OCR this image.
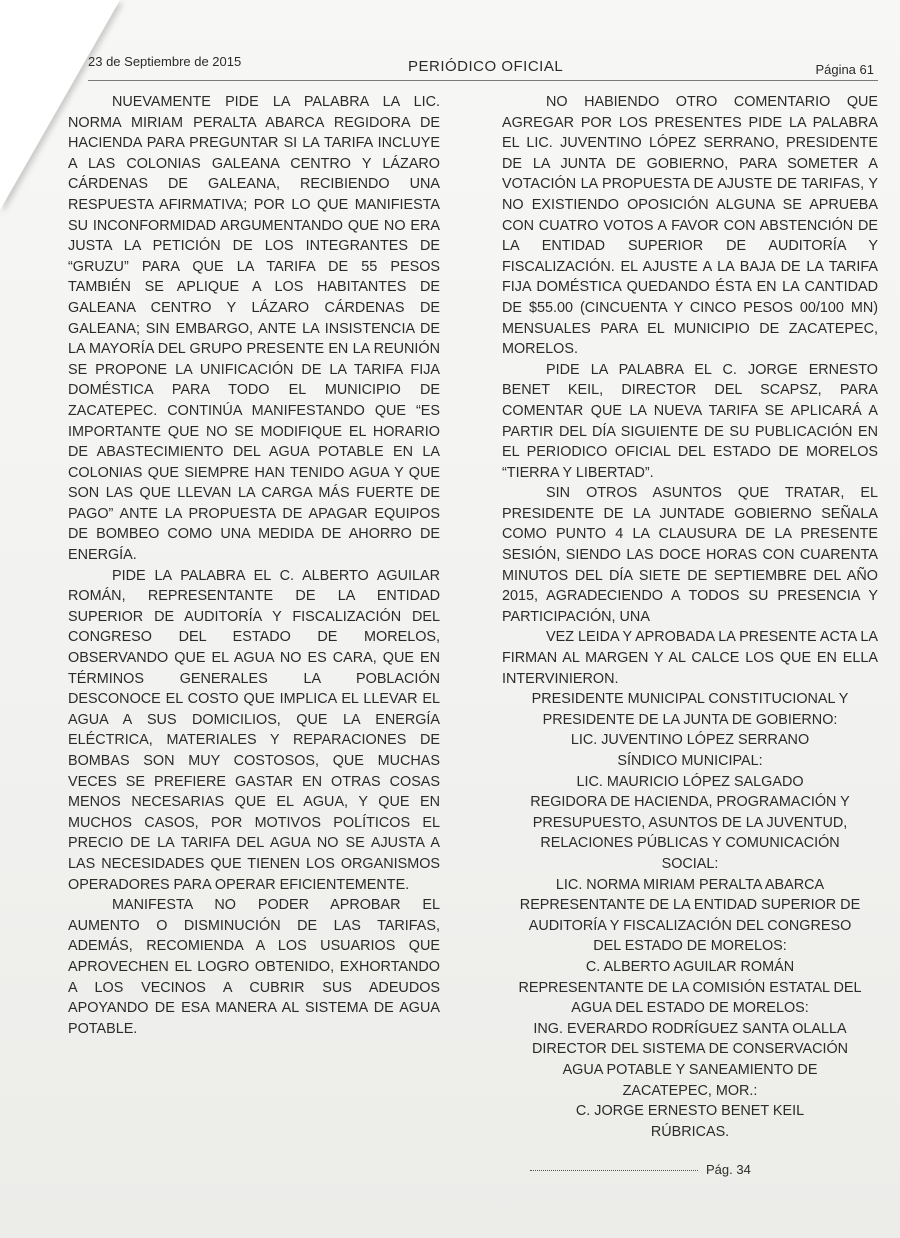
23 de Septiembre de 2015	PERIÓDICO OFICIAL	Página 61

NUEVAMENTE PIDE LA PALABRA LA LIC. NORMA MIRIAM PERALTA ABARCA REGIDORA DE HACIENDA PARA PREGUNTAR SI LA TARIFA INCLUYE A LAS COLONIAS GALEANA CENTRO Y LÁZARO CÁRDENAS DE GALEANA, RECIBIENDO UNA RESPUESTA AFIRMATIVA; POR LO QUE MANIFIESTA SU INCONFORMIDAD ARGUMENTANDO QUE NO ERA JUSTA LA PETICIÓN DE LOS INTEGRANTES DE “GRUZU” PARA QUE LA TARIFA DE 55 PESOS TAMBIÉN SE APLIQUE A LOS HABITANTES DE GALEANA CENTRO Y LÁZARO CÁRDENAS DE GALEANA; SIN EMBARGO, ANTE LA INSISTENCIA DE LA MAYORÍA DEL GRUPO PRESENTE EN LA REUNIÓN SE PROPONE LA UNIFICACIÓN DE LA TARIFA FIJA DOMÉSTICA PARA TODO EL MUNICIPIO DE ZACATEPEC. CONTINÚA MANIFESTANDO QUE “ES IMPORTANTE QUE NO SE MODIFIQUE EL HORARIO DE ABASTECIMIENTO DEL AGUA POTABLE EN LA COLONIAS QUE SIEMPRE HAN TENIDO AGUA Y QUE SON LAS QUE LLEVAN LA CARGA MÁS FUERTE DE PAGO” ANTE LA PROPUESTA DE APAGAR EQUIPOS DE BOMBEO COMO UNA MEDIDA DE AHORRO DE ENERGÍA.

PIDE LA PALABRA EL C. ALBERTO AGUILAR ROMÁN, REPRESENTANTE DE LA ENTIDAD SUPERIOR DE AUDITORÍA Y FISCALIZACIÓN DEL CONGRESO DEL ESTADO DE MORELOS, OBSERVANDO QUE EL AGUA NO ES CARA, QUE EN TÉRMINOS GENERALES LA POBLACIÓN DESCONOCE EL COSTO QUE IMPLICA EL LLEVAR EL AGUA A SUS DOMICILIOS, QUE LA ENERGÍA ELÉCTRICA, MATERIALES Y REPARACIONES DE BOMBAS SON MUY COSTOSOS, QUE MUCHAS VECES SE PREFIERE GASTAR EN OTRAS COSAS MENOS NECESARIAS QUE EL AGUA, Y QUE EN MUCHOS CASOS, POR MOTIVOS POLÍTICOS EL PRECIO DE LA TARIFA DEL AGUA NO SE AJUSTA A LAS NECESIDADES QUE TIENEN LOS ORGANISMOS OPERADORES PARA OPERAR EFICIENTEMENTE.

MANIFESTA NO PODER APROBAR EL AUMENTO O DISMINUCIÓN DE LAS TARIFAS, ADEMÁS, RECOMIENDA A LOS USUARIOS QUE APROVECHEN EL LOGRO OBTENIDO, EXHORTANDO A LOS VECINOS A CUBRIR SUS ADEUDOS APOYANDO DE ESA MANERA AL SISTEMA DE AGUA POTABLE.

NO HABIENDO OTRO COMENTARIO QUE AGREGAR POR LOS PRESENTES PIDE LA PALABRA EL LIC. JUVENTINO LÓPEZ SERRANO, PRESIDENTE DE LA JUNTA DE GOBIERNO, PARA SOMETER A VOTACIÓN LA PROPUESTA DE AJUSTE DE TARIFAS, Y NO EXISTIENDO OPOSICIÓN ALGUNA SE APRUEBA CON CUATRO VOTOS A FAVOR CON ABSTENCIÓN DE LA ENTIDAD SUPERIOR DE AUDITORÍA Y FISCALIZACIÓN. EL AJUSTE A LA BAJA DE LA TARIFA FIJA DOMÉSTICA QUEDANDO ÉSTA EN LA CANTIDAD DE $55.00 (CINCUENTA Y CINCO PESOS 00/100 MN) MENSUALES PARA EL MUNICIPIO DE ZACATEPEC, MORELOS.

PIDE LA PALABRA EL C. JORGE ERNESTO BENET KEIL, DIRECTOR DEL SCAPSZ, PARA COMENTAR QUE LA NUEVA TARIFA SE APLICARÁ A PARTIR DEL DÍA SIGUIENTE DE SU PUBLICACIÓN EN EL PERIODICO OFICIAL DEL ESTADO DE MORELOS “TIERRA Y LIBERTAD”.

SIN OTROS ASUNTOS QUE TRATAR, EL PRESIDENTE DE LA JUNTADE GOBIERNO SEÑALA COMO PUNTO 4 LA CLAUSURA DE LA PRESENTE SESIÓN, SIENDO LAS DOCE HORAS CON CUARENTA MINUTOS DEL DÍA SIETE DE SEPTIEMBRE DEL AÑO 2015, AGRADECIENDO A TODOS SU PRESENCIA Y PARTICIPACIÓN, UNA

VEZ LEIDA Y APROBADA LA PRESENTE ACTA LA FIRMAN AL MARGEN Y AL CALCE LOS QUE EN ELLA INTERVINIERON.

PRESIDENTE MUNICIPAL CONSTITUCIONAL Y
PRESIDENTE DE LA JUNTA DE GOBIERNO:
LIC. JUVENTINO LÓPEZ SERRANO
SÍNDICO MUNICIPAL:
LIC. MAURICIO LÓPEZ SALGADO
REGIDORA DE HACIENDA, PROGRAMACIÓN Y
PRESUPUESTO, ASUNTOS DE LA JUVENTUD,
RELACIONES PÚBLICAS Y COMUNICACIÓN
SOCIAL:
LIC. NORMA MIRIAM PERALTA ABARCA
REPRESENTANTE DE LA ENTIDAD SUPERIOR DE
AUDITORÍA Y FISCALIZACIÓN DEL CONGRESO
DEL ESTADO DE MORELOS:
C. ALBERTO AGUILAR ROMÁN
REPRESENTANTE DE LA COMISIÓN ESTATAL DEL
AGUA DEL ESTADO DE MORELOS:
ING. EVERARDO RODRÍGUEZ SANTA OLALLA
DIRECTOR DEL SISTEMA DE CONSERVACIÓN
AGUA POTABLE Y SANEAMIENTO DE
ZACATEPEC, MOR.:
C. JORGE ERNESTO BENET KEIL
RÚBRICAS.
Pág. 34
